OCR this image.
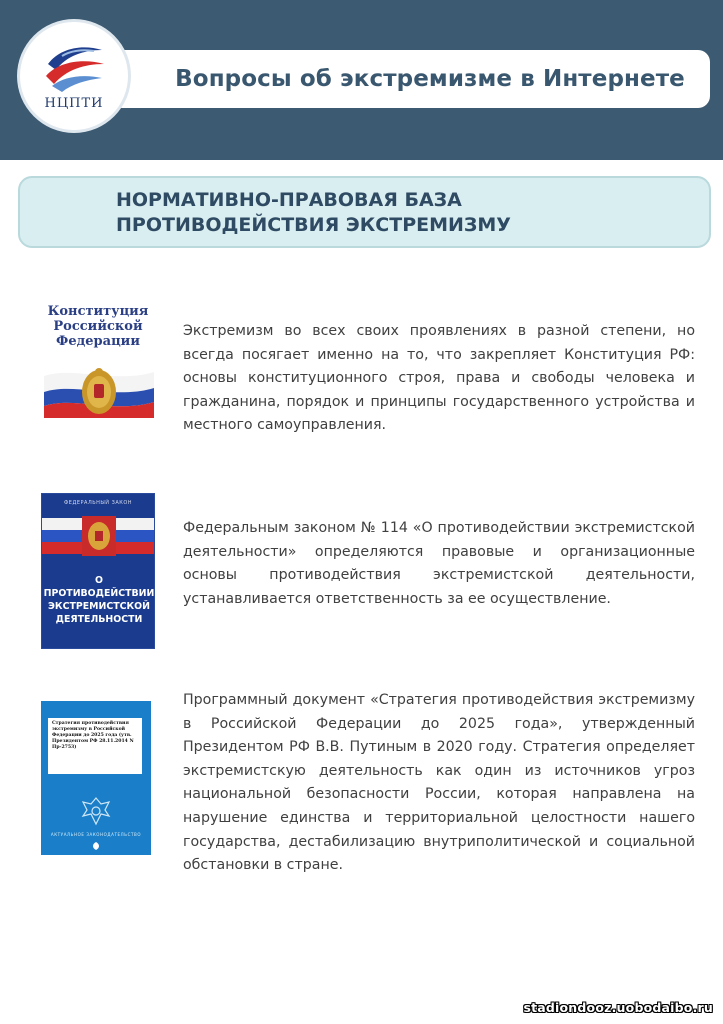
Вопросы об экстремизме в Интернете
НЦПТИ
НОРМАТИВНО-ПРАВОВАЯ БАЗА
ПРОТИВОДЕЙСТВИЯ ЭКСТРЕМИЗМУ
Конституция
Российской
Федерации
Экстремизм во всех своих проявлениях в разной степени, но всегда посягает именно на то, что закрепляет Конституция РФ: основы конституционного строя, права и свободы человека и гражданина, порядок и принципы государственного устройства и местного самоуправления.
ФЕДЕРАЛЬНЫЙ ЗАКОН
О ПРОТИВОДЕЙСТВИИ
ЭКСТРЕМИСТСКОЙ
ДЕЯТЕЛЬНОСТИ
Федеральным законом № 114 «О противодействии экстремистской деятельности» определяются правовые и организационные основы противодействия экстремистской деятельности, устанавливается ответственность за ее осуществление.
Стратегия противодействия экстремизму в Российской Федерации до 2025 года (утв. Президентом РФ 28.11.2014 N Пр-2753)
АКТУАЛЬНОЕ ЗАКОНОДАТЕЛЬСТВО
Программный документ «Стратегия противодействия экстремизму в Российской Федерации до 2025 года», утвержденный Президентом РФ В.В. Путиным в 2020 году. Стратегия определяет экстремистскую деятельность как один из источников угроз национальной безопасности России, которая направлена на нарушение единства и территориальной целостности нашего государства, дестабилизацию внутриполитической и социальной обстановки в стране.
stadiondooz.uobodaibo.ru
